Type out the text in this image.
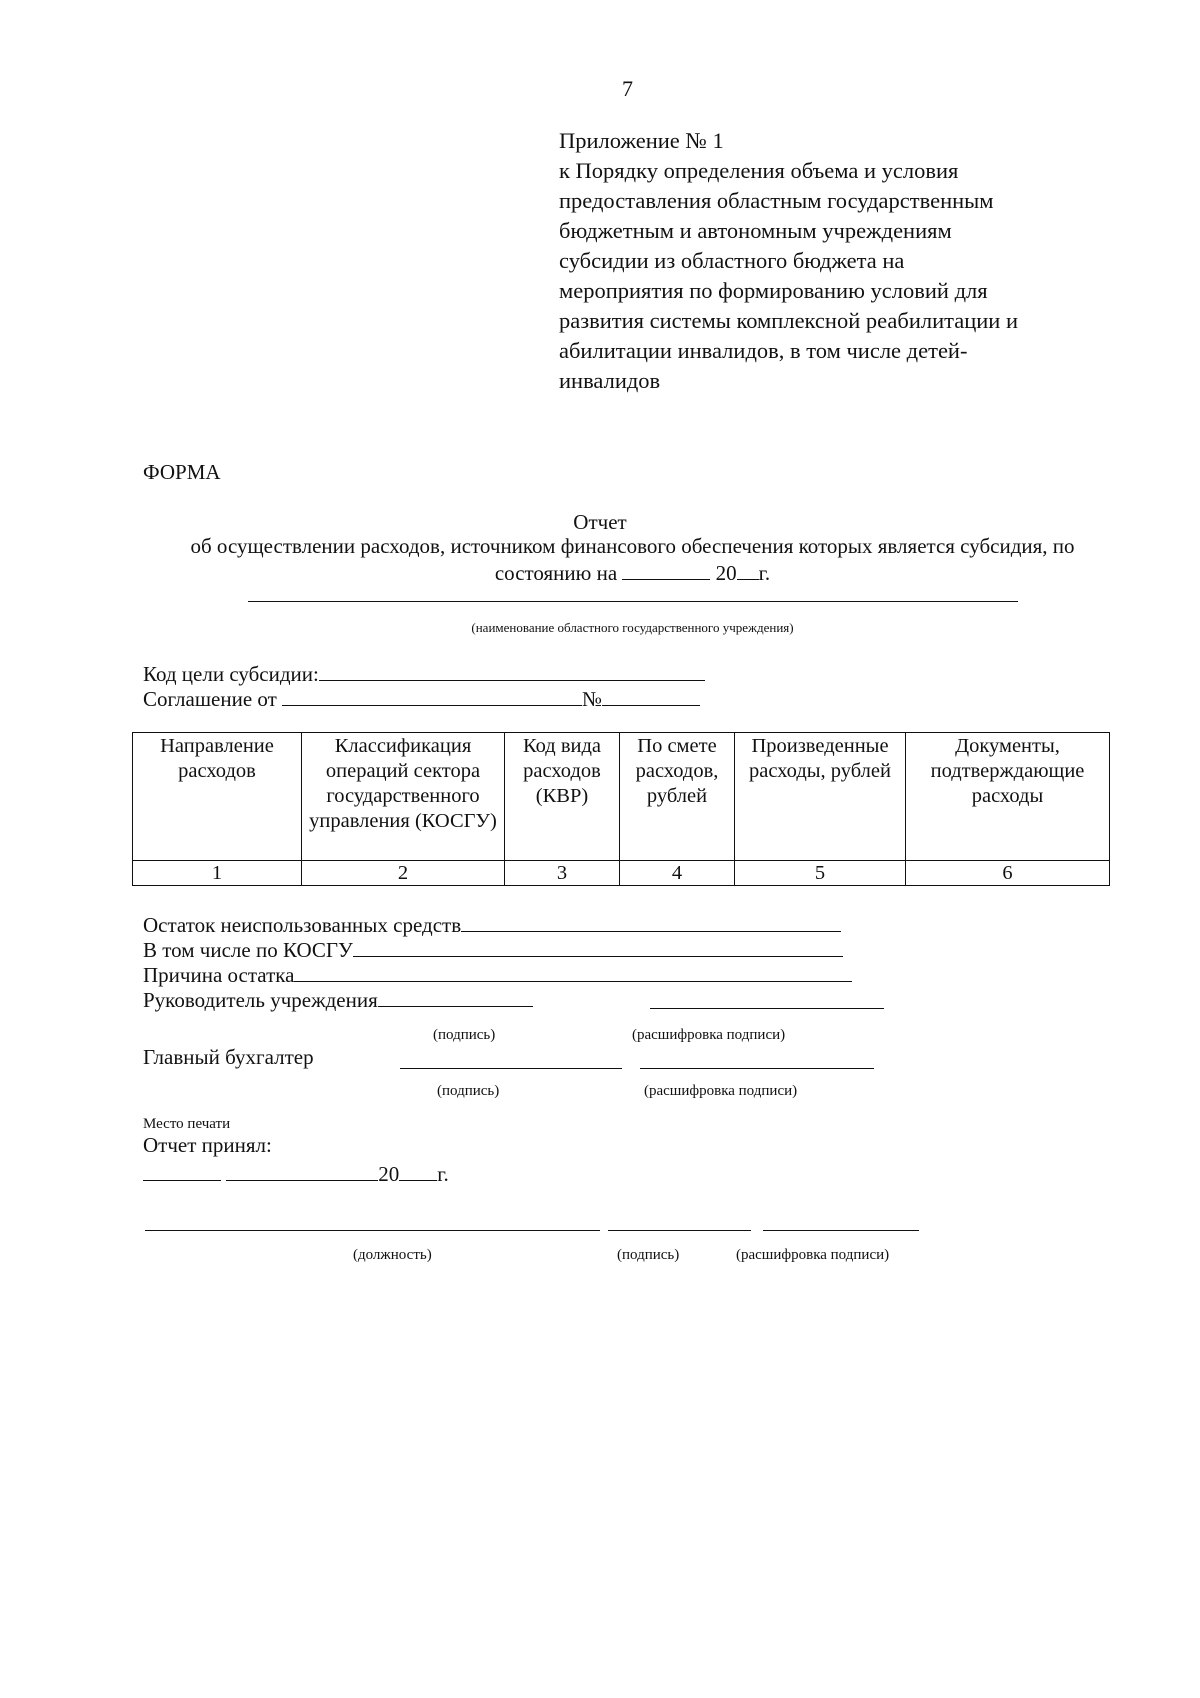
7
Приложение № 1
к Порядку определения объема и условия
предоставления областным государственным
бюджетным и автономным учреждениям
субсидии из областного бюджета на
мероприятия по формированию условий для
развития системы комплексной реабилитации и
абилитации инвалидов, в том числе детей-
инвалидов
ФОРМА
Отчет
об осуществлении расходов, источником финансового обеспечения которых является субсидия, по
состоянию на	20 г.
(наименование областного государственного учреждения)
Код цели субсидии:
Соглашение от	№
Направление расходов	Классификация операций сектора государственного управления (КОСГУ)	Код вида расходов (КВР)	По смете расходов, рублей	Произведенные расходы, рублей	Документы, подтверждающие расходы
1	2	3	4	5	6
Остаток неиспользованных средств
В том числе по КОСГУ
Причина остатка
Руководитель учреждения
(подпись)	(расшифровка подписи)
Главный бухгалтер
(подпись)	(расшифровка подписи)
Место печати
Отчет принял:
20 г.
(должность)	(подпись)	(расшифровка подписи)
